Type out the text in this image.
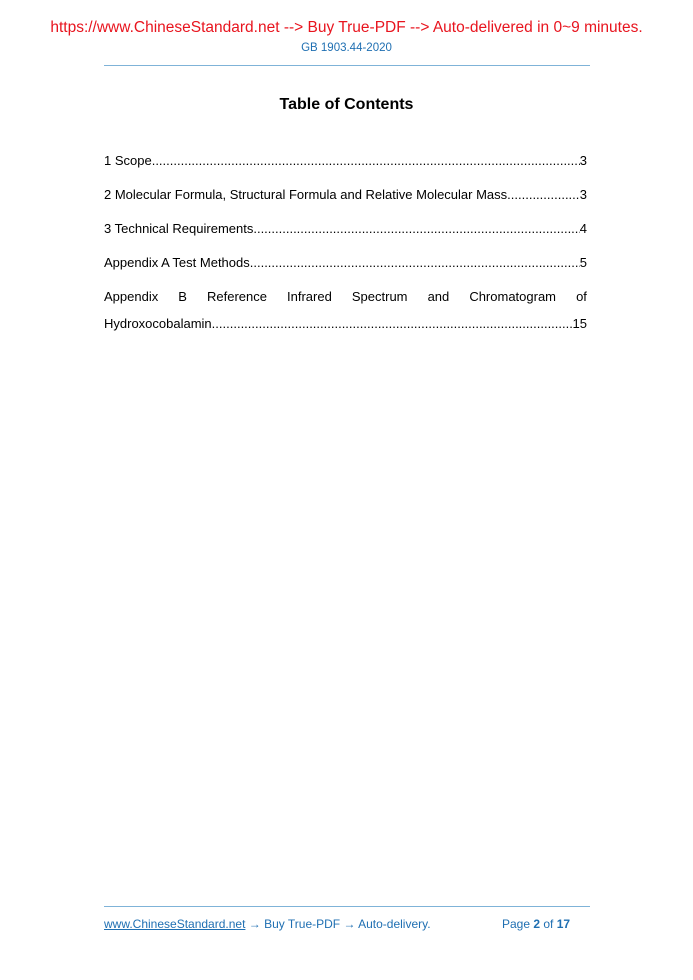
https://www.ChineseStandard.net --> Buy True-PDF --> Auto-delivered in 0~9 minutes.
GB 1903.44-2020
Table of Contents
1 Scope .....	3
2 Molecular Formula, Structural Formula and Relative Molecular Mass .....	3
3 Technical Requirements .....	4
Appendix A Test Methods .....	5
Appendix B Reference Infrared Spectrum and Chromatogram of
Hydroxocobalamin .....	15
www.ChineseStandard.net → Buy True-PDF → Auto-delivery.	Page 2 of 17
